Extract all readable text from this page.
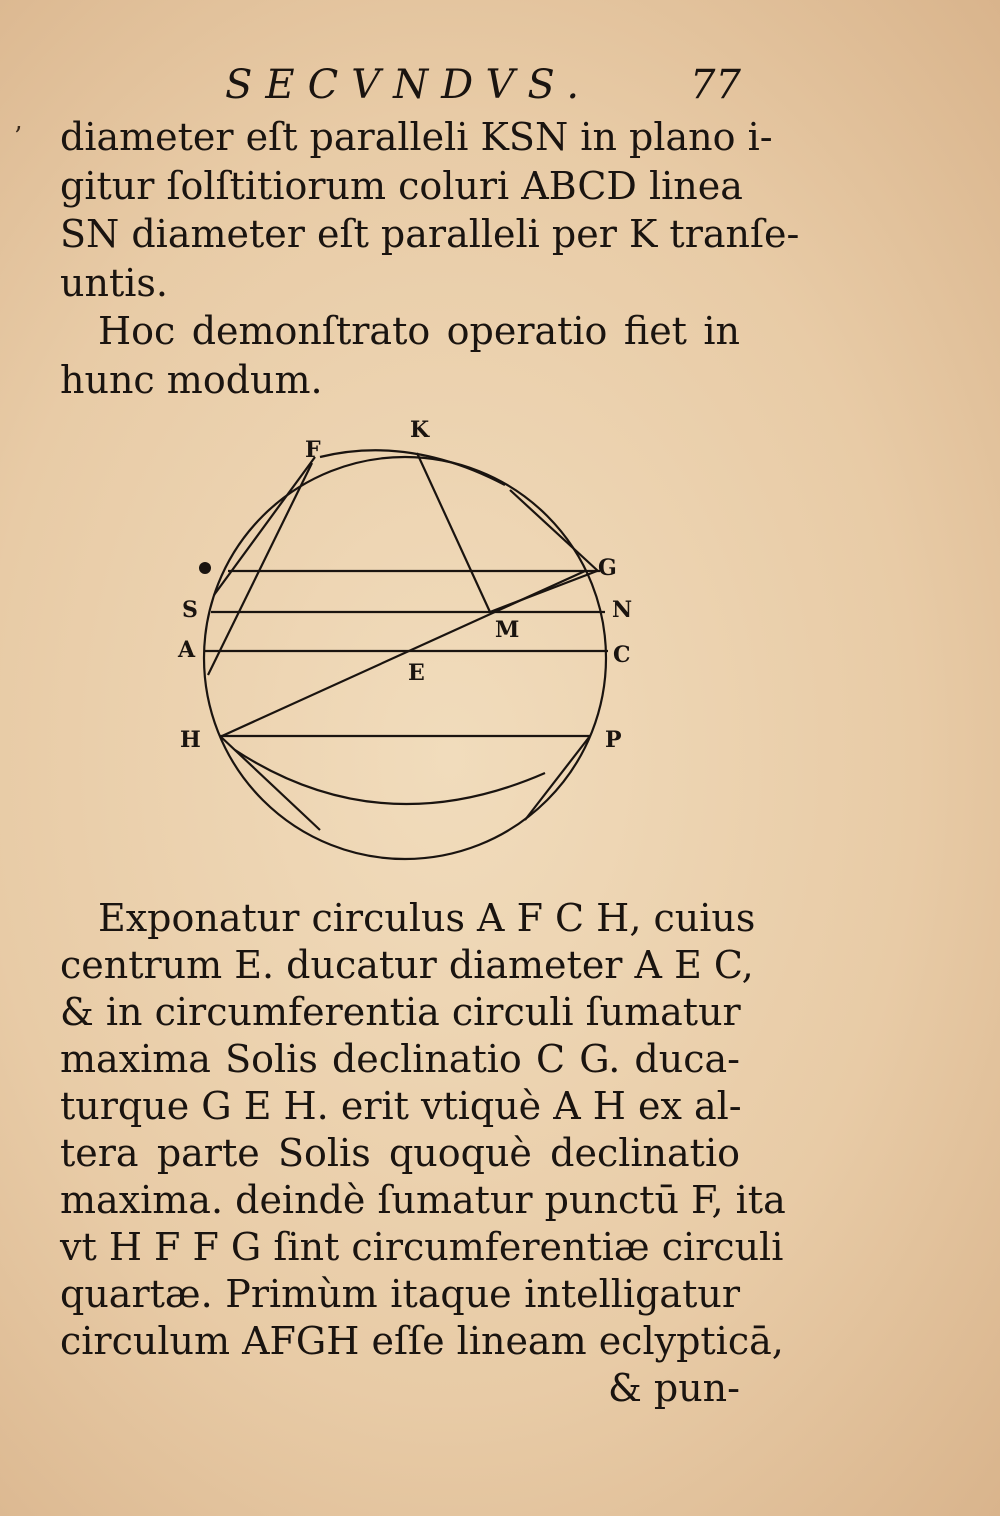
SECVNDVS. 77
’ diameter eſt paralleli KSN in plano i-
gitur ſolſtitiorum coluri ABCD linea
SN diameter eſt paralleli per K tranſe-
untis.
Hoc demonſtrato operatio fiet in
hunc modum.
K
F
G
S	N
A	C
M
E
H	P
Exponatur circulus A F C H, cuius
centrum E. ducatur diameter A E C,
& in circumferentia circuli ſumatur
maxima Solis declinatio C G. duca-
turque G E H. erit vtiquè A H ex al-
tera parte Solis quoquè declinatio
maxima. deindè ſumatur punctū F, ita
vt H F F G ſint circumferentiæ circuli
quartæ. Primùm itaque intelligatur
circulum AFGH eſſe lineam eclypticā,
& pun-
